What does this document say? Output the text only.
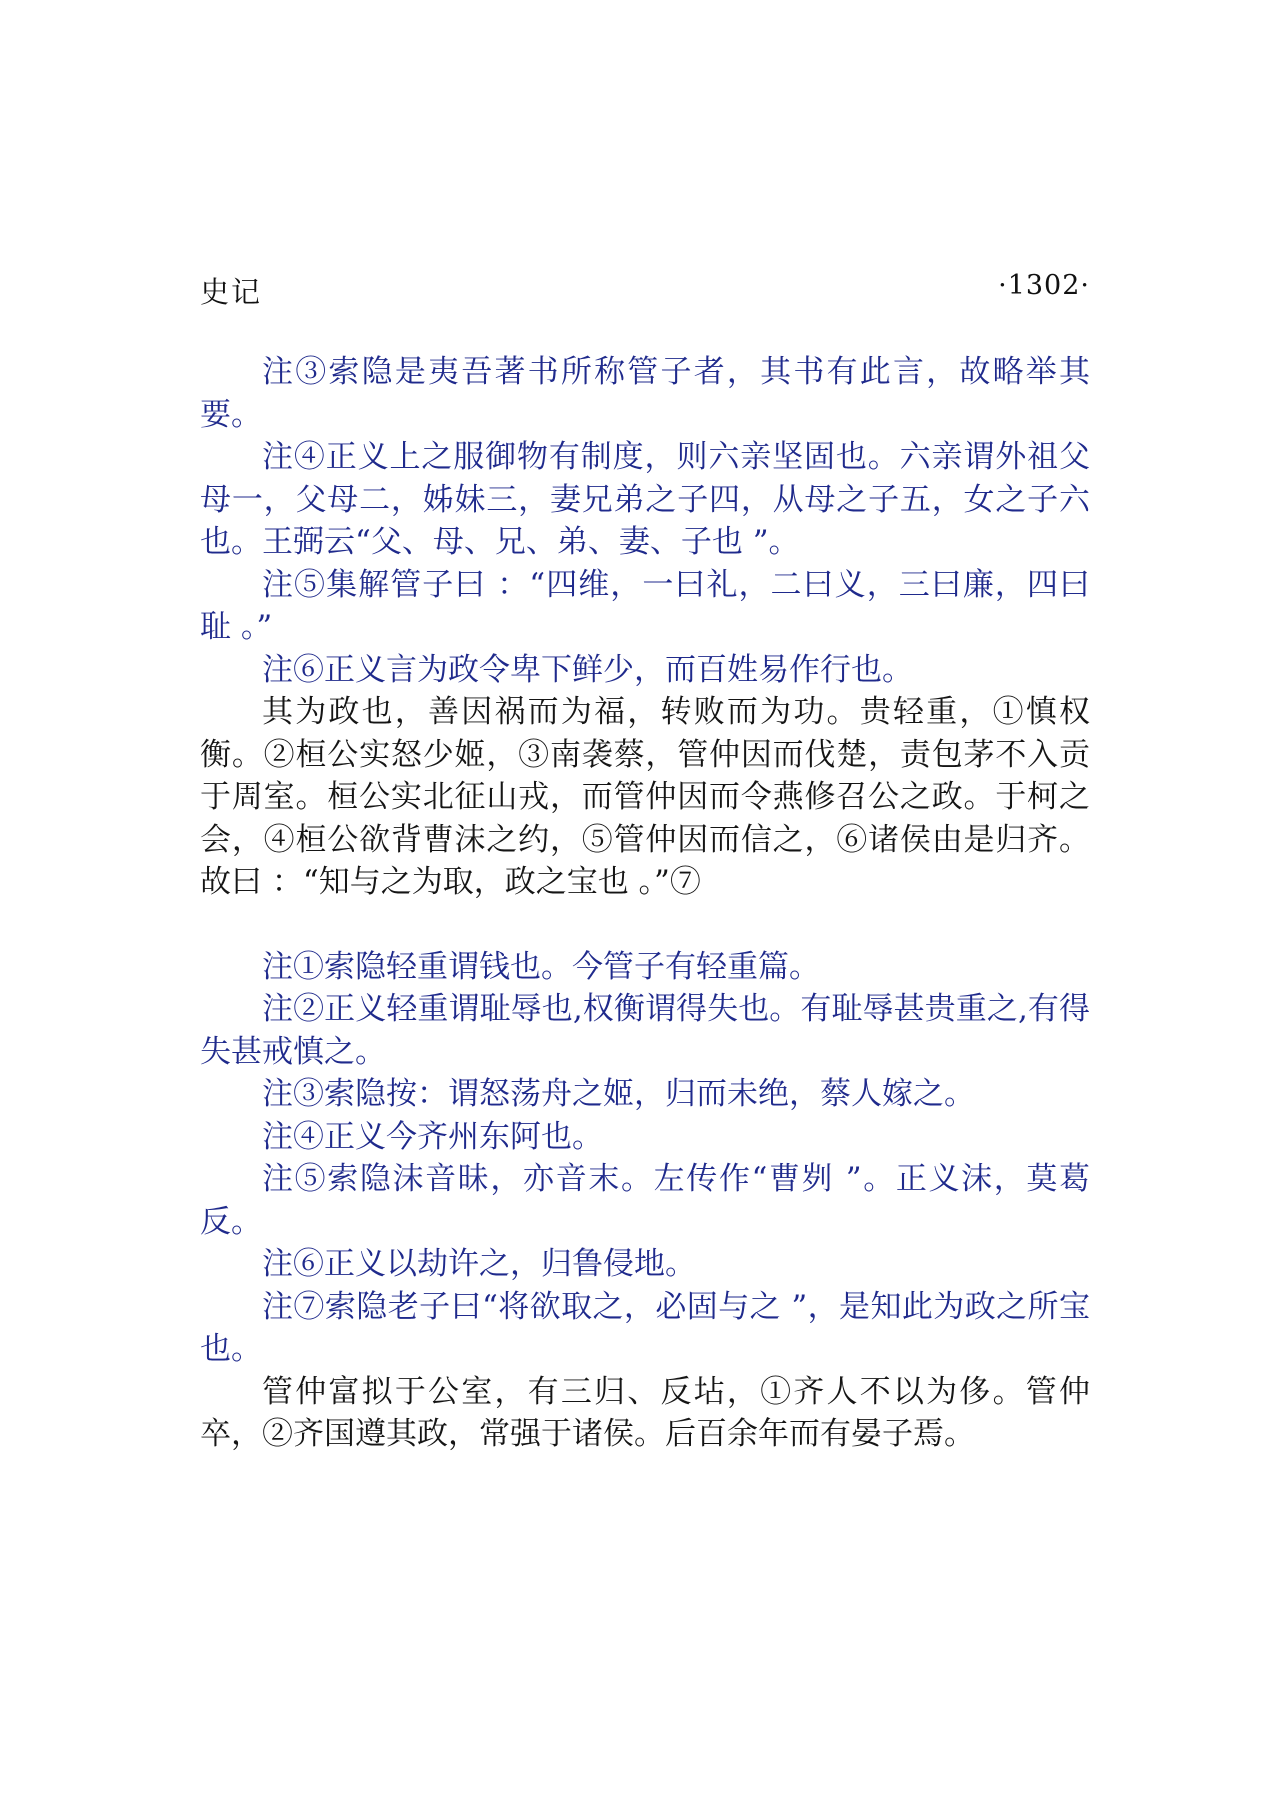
史记	·1302·

注③索隐是夷吾著书所称管子者，其书有此言，故略举其要。

注④正义上之服御物有制度，则六亲坚固也。六亲谓外祖父母一，父母二，姊妹三，妻兄弟之子四，从母之子五，女之子六也。王弼云“父、母、兄、弟、妻、子也 ”。

注⑤集解管子曰 ：“四维，一曰礼，二曰义，三曰廉，四曰耻 。”

注⑥正义言为政令卑下鲜少，而百姓易作行也。

其为政也，善因祸而为福，转败而为功。贵轻重，①慎权衡。②桓公实怒少姬，③南袭蔡，管仲因而伐楚，责包茅不入贡于周室。桓公实北征山戎，而管仲因而令燕修召公之政。于柯之会，④桓公欲背曹沫之约，⑤管仲因而信之，⑥诸侯由是归齐。故曰 ：“知与之为取，政之宝也 。”⑦

注①索隐轻重谓钱也。今管子有轻重篇。

注②正义轻重谓耻辱也,权衡谓得失也。有耻辱甚贵重之,有得失甚戒慎之。

注③索隐按：谓怒荡舟之姬，归而未绝，蔡人嫁之。

注④正义今齐州东阿也。

注⑤索隐沫音昧，亦音末。左传作“曹刿 ”。正义沫，莫葛反。

注⑥正义以劫许之，归鲁侵地。

注⑦索隐老子曰“将欲取之，必固与之 ”，是知此为政之所宝也。

管仲富拟于公室，有三归、反坫，①齐人不以为侈。管仲卒，②齐国遵其政，常强于诸侯。后百余年而有晏子焉。
